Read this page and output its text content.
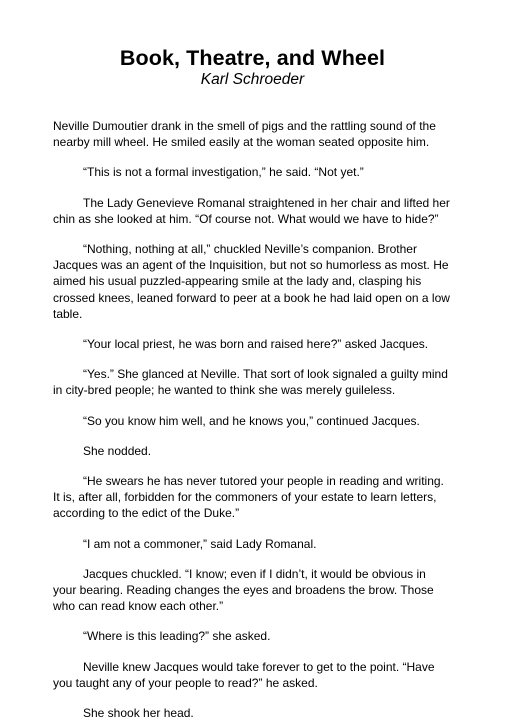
Book, Theatre, and Wheel
Karl Schroeder

Neville Dumoutier drank in the smell of pigs and the rattling sound of the nearby mill wheel. He smiled easily at the woman seated opposite him.

“This is not a formal investigation,” he said. “Not yet.”

The Lady Genevieve Romanal straightened in her chair and lifted her chin as she looked at him. “Of course not. What would we have to hide?”

“Nothing, nothing at all,” chuckled Neville’s companion. Brother Jacques was an agent of the Inquisition, but not so humorless as most. He aimed his usual puzzled-appearing smile at the lady and, clasping his crossed knees, leaned forward to peer at a book he had laid open on a low table.

“Your local priest, he was born and raised here?” asked Jacques.

“Yes.” She glanced at Neville. That sort of look signaled a guilty mind in city-bred people; he wanted to think she was merely guileless.

“So you know him well, and he knows you,” continued Jacques.

She nodded.

“He swears he has never tutored your people in reading and writing. It is, after all, forbidden for the commoners of your estate to learn letters, according to the edict of the Duke.”

“I am not a commoner,” said Lady Romanal.

Jacques chuckled. “I know; even if I didn’t, it would be obvious in your bearing. Reading changes the eyes and broadens the brow. Those who can read know each other.”

“Where is this leading?” she asked.

Neville knew Jacques would take forever to get to the point. “Have you taught any of your people to read?” he asked.

She shook her head.
